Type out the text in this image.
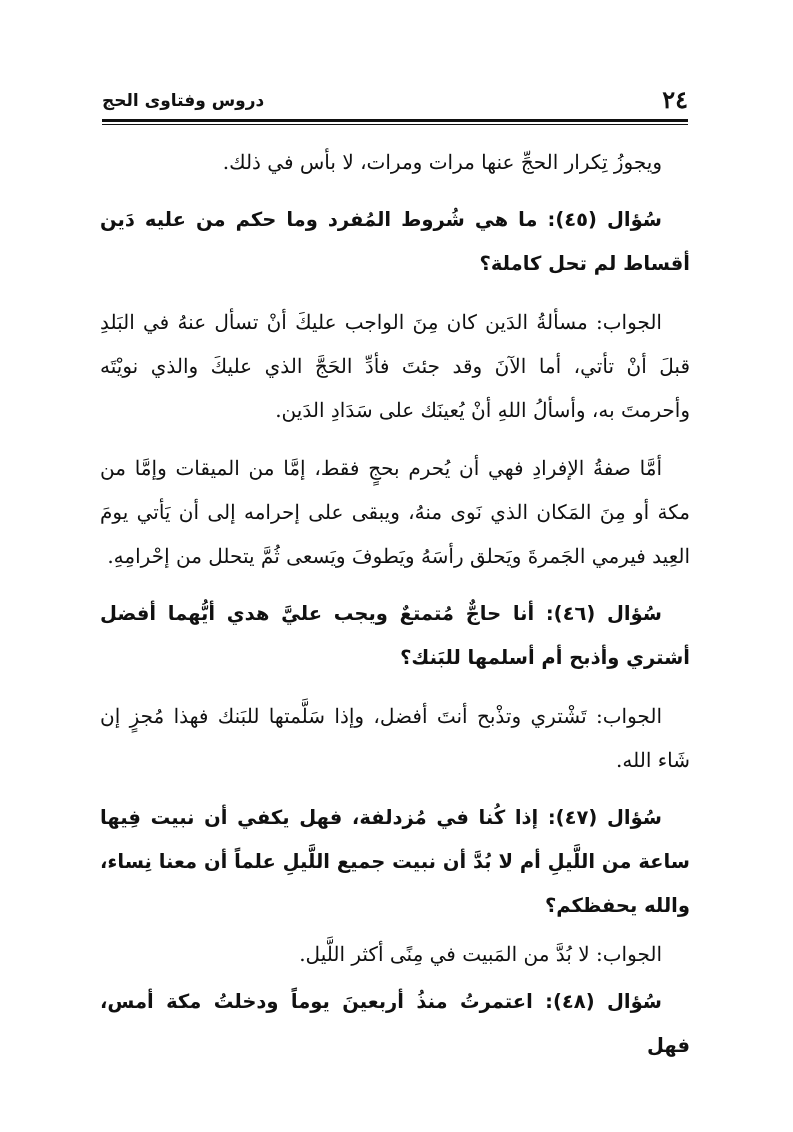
٢٤
دروس وفتاوى الحج

ويجوزُ تِكرار الحجِّ عنها مرات ومرات، لا بأس في ذلك.

سُؤال (٤٥): ما هي شُروط المُفرد وما حكم من عليه دَين أقساط لم تحل كاملة؟

الجواب: مسألةُ الدَين كان مِنَ الواجب عليكَ أنْ تسأل عنهُ في البَلدِ قبلَ أنْ تأتي، أما الآنَ وقد جئتَ فأدِّ الحَجَّ الذي عليكَ والذي نويْتَه وأحرمتَ به، وأسألُ اللهِ أنْ يُعينَك على سَدَادِ الدَين.

أمَّا صفةُ الإفرادِ فهي أن يُحرم بحجٍ فقط، إمَّا من الميقات وإمَّا من مكة أو مِنَ المَكان الذي نَوى منهُ، ويبقى على إحرامه إلى أن يَأتي يومَ العِيد فيرمي الجَمرةَ ويَحلق رأسَهُ ويَطوفَ ويَسعى ثُمَّ يتحلل من إحْرامِهِ.

سُؤال (٤٦): أنا حاجٌّ مُتمتعٌ ويجب عليَّ هدي أيُّهما أفضل أشتري وأذبح أم أسلمها للبَنك؟

الجواب: تَشْتري وتذْبح أنتَ أفضل، وإذا سَلَّمتها للبَنك فهذا مُجزٍ إن شَاء الله.

سُؤال (٤٧): إذا كُنا في مُزدلفة، فهل يكفي أن نبيت فِيها ساعة من اللَّيلِ أم لا بُدَّ أن نبيت جميع اللَّيلِ علماً أن معنا نِساء، والله يحفظكم؟

الجواب: لا بُدَّ من المَبيت في مِنًى أكثر اللَّيل.

سُؤال (٤٨): اعتمرتُ منذُ أربعينَ يوماً ودخلتُ مكة أمس، فهل
